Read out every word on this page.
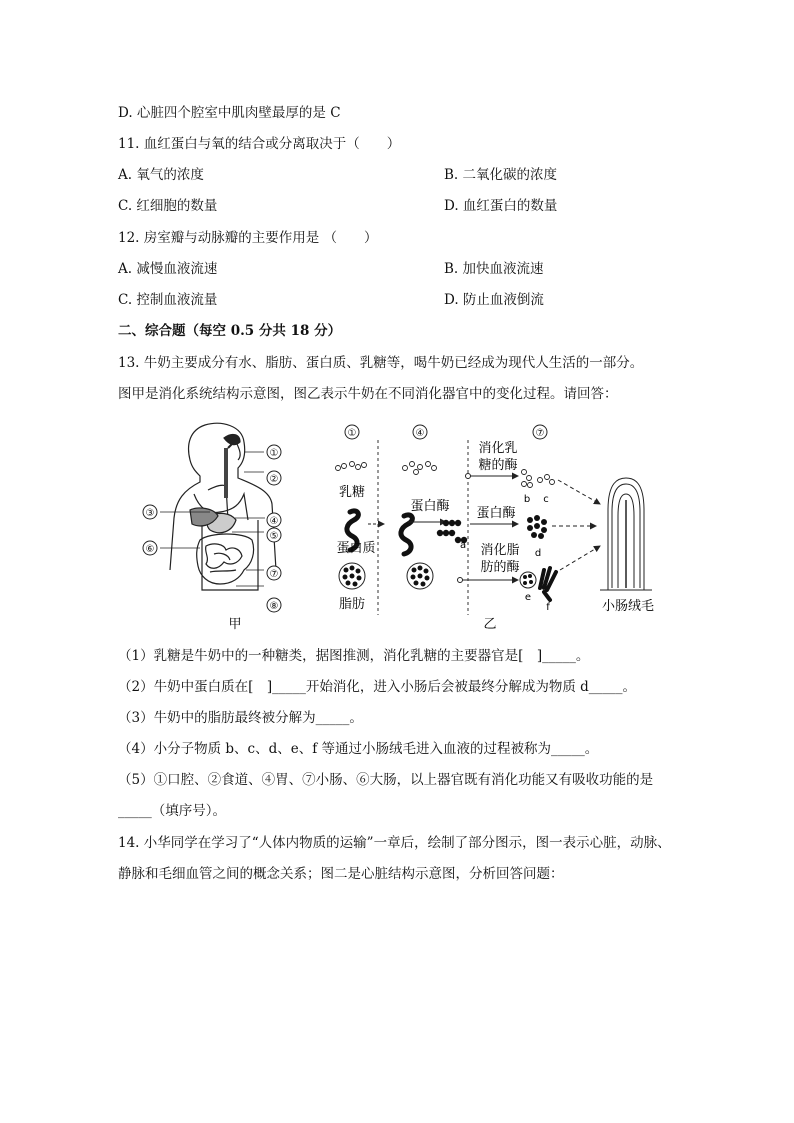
D. 心脏四个腔室中肌肉壁最厚的是 C
11. 血红蛋白与氧的结合或分离取决于（　　）
A. 氧气的浓度	B. 二氧化碳的浓度
C. 红细胞的数量	D. 血红蛋白的数量
12. 房室瓣与动脉瓣的主要作用是 （　　）
A. 减慢血液流速	B. 加快血液流速
C. 控制血液流量	D. 防止血液倒流
二、综合题（每空 0.5 分共 18 分）
13. 牛奶主要成分有水、脂肪、蛋白质、乳糖等，喝牛奶已经成为现代人生活的一部分。
图甲是消化系统结构示意图，图乙表示牛奶在不同消化器官中的变化过程。请回答：
①
②
③
④
⑤
⑥
⑦
⑧
甲
①	④	⑦
乳糖
蛋白质
蛋白酶
a
脂肪
消化乳
糖的酶
蛋白酶
消化脂
肪的酶
b c
d
e
f	小肠绒毛
乙
（1）乳糖是牛奶中的一种糖类，据图推测，消化乳糖的主要器官是[　]_____。
（2）牛奶中蛋白质在[　]_____开始消化，进入小肠后会被最终分解成为物质 d_____。
（3）牛奶中的脂肪最终被分解为_____。
（4）小分子物质 b、c、d、e、f 等通过小肠绒毛进入血液的过程被称为_____。
（5）①口腔、②食道、④胃、⑦小肠、⑥大肠，以上器官既有消化功能又有吸收功能的是
_____（填序号）。
14. 小华同学在学习了“人体内物质的运输”一章后，绘制了部分图示，图一表示心脏，动脉、
静脉和毛细血管之间的概念关系；图二是心脏结构示意图，分析回答问题：
